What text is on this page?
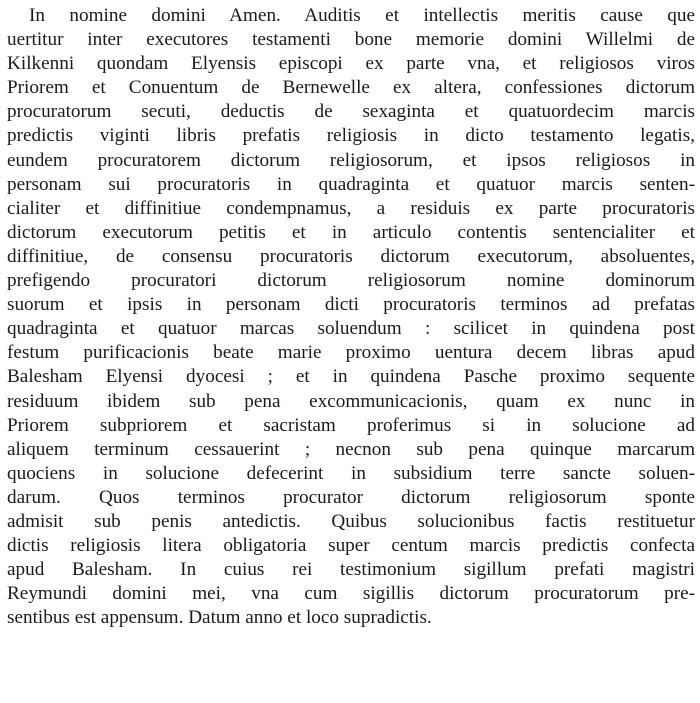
In nomine domini Amen. Auditis et intellectis meritis cause que
uertitur inter executores testamenti bone memorie domini Willelmi de
Kilkenni quondam Elyensis episcopi ex parte vna, et religiosos viros
Priorem et Conuentum de Bernewelle ex altera, confessiones dictorum
procuratorum secuti, deductis de sexaginta et quatuordecim marcis
predictis viginti libris prefatis religiosis in dicto testamento legatis,
eundem procuratorem dictorum religiosorum, et ipsos religiosos in
personam sui procuratoris in quadraginta et quatuor marcis senten-
cialiter et diffinitiue condempnamus, a residuis ex parte procuratoris
dictorum executorum petitis et in articulo contentis sentencialiter et
diffinitiue, de consensu procuratoris dictorum executorum, absoluentes,
prefigendo procuratori dictorum religiosorum nomine dominorum
suorum et ipsis in personam dicti procuratoris terminos ad prefatas
quadraginta et quatuor marcas soluendum : scilicet in quindena post
festum purificacionis beate marie proximo uentura decem libras apud
Balesham Elyensi dyocesi ; et in quindena Pasche proximo sequente
residuum ibidem sub pena excommunicacionis, quam ex nunc in
Priorem subpriorem et sacristam proferimus si in solucione ad
aliquem terminum cessauerint ; necnon sub pena quinque marcarum
quociens in solucione defecerint in subsidium terre sancte soluen-
darum. Quos terminos procurator dictorum religiosorum sponte
admisit sub penis antedictis. Quibus solucionibus factis restituetur
dictis religiosis litera obligatoria super centum marcis predictis confecta
apud Balesham. In cuius rei testimonium sigillum prefati magistri
Reymundi domini mei, vna cum sigillis dictorum procuratorum pre-
sentibus est appensum. Datum anno et loco supradictis.
